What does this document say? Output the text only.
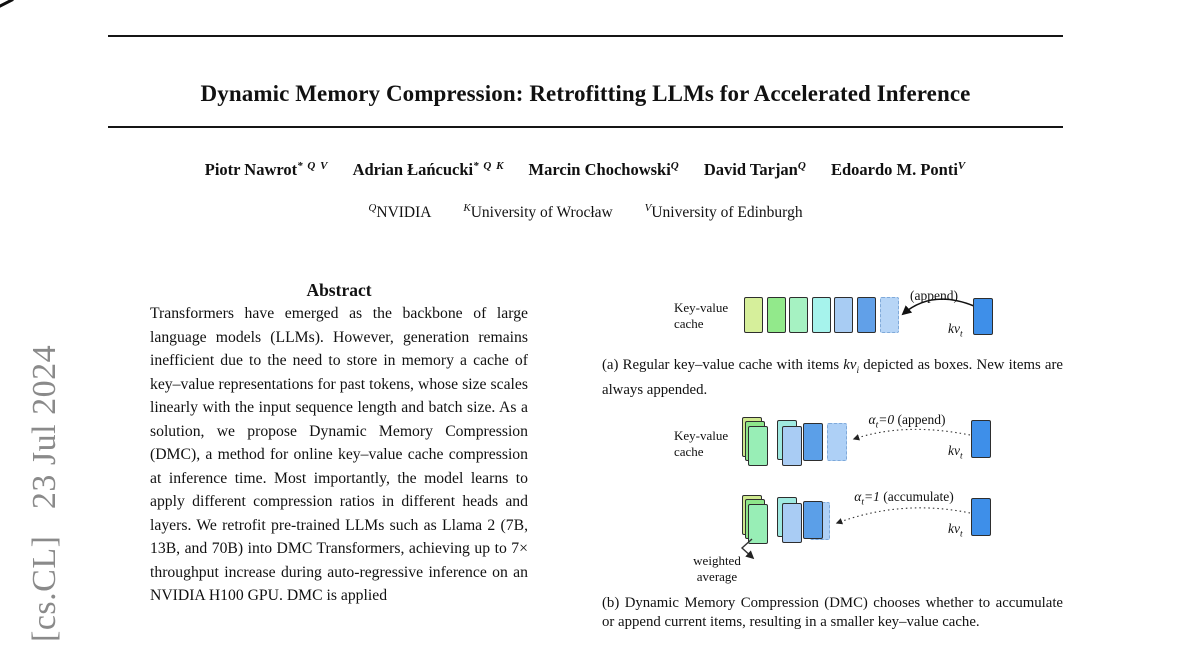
[cs.CL]  23 Jul 2024
Dynamic Memory Compression: Retrofitting LLMs for Accelerated Inference
Piotr Nawrot$^{* Q V}$ Adrian Łańcucki$^{* Q K}$ Marcin Chochowski$^Q$ David Tarjan$^Q$ Edoardo M. Ponti$^V$
$^Q$NVIDIA	$^K$University of Wrocław	$^V$University of Edinburgh
Abstract
Transformers have emerged as the backbone of large language models (LLMs). However, generation remains inefficient due to the need to store in memory a cache of key–value representations for past tokens, whose size scales linearly with the input sequence length and batch size. As a solution, we propose Dynamic Memory Compression (DMC), a method for online key–value cache compression at inference time. Most importantly, the model learns to apply different compression ratios in different heads and layers. We retrofit pre-trained LLMs such as Llama 2 (7B, 13B, and 70B) into DMC Transformers, achieving up to 7× throughput increase during auto-regressive inference on an NVIDIA H100 GPU. DMC is applied
Key-value
cache
(append)
$kv_t$
(a) Regular key–value cache with items $kv_i$ depicted as boxes. New items are always appended.
Key-value
cache
$\alpha_t=0$ (append)
$kv_t$
$\alpha_t=1$ (accumulate)
$kv_t$
weighted
average
(b) Dynamic Memory Compression (DMC) chooses whether to accumulate or append current items, resulting in a smaller key–value cache.
